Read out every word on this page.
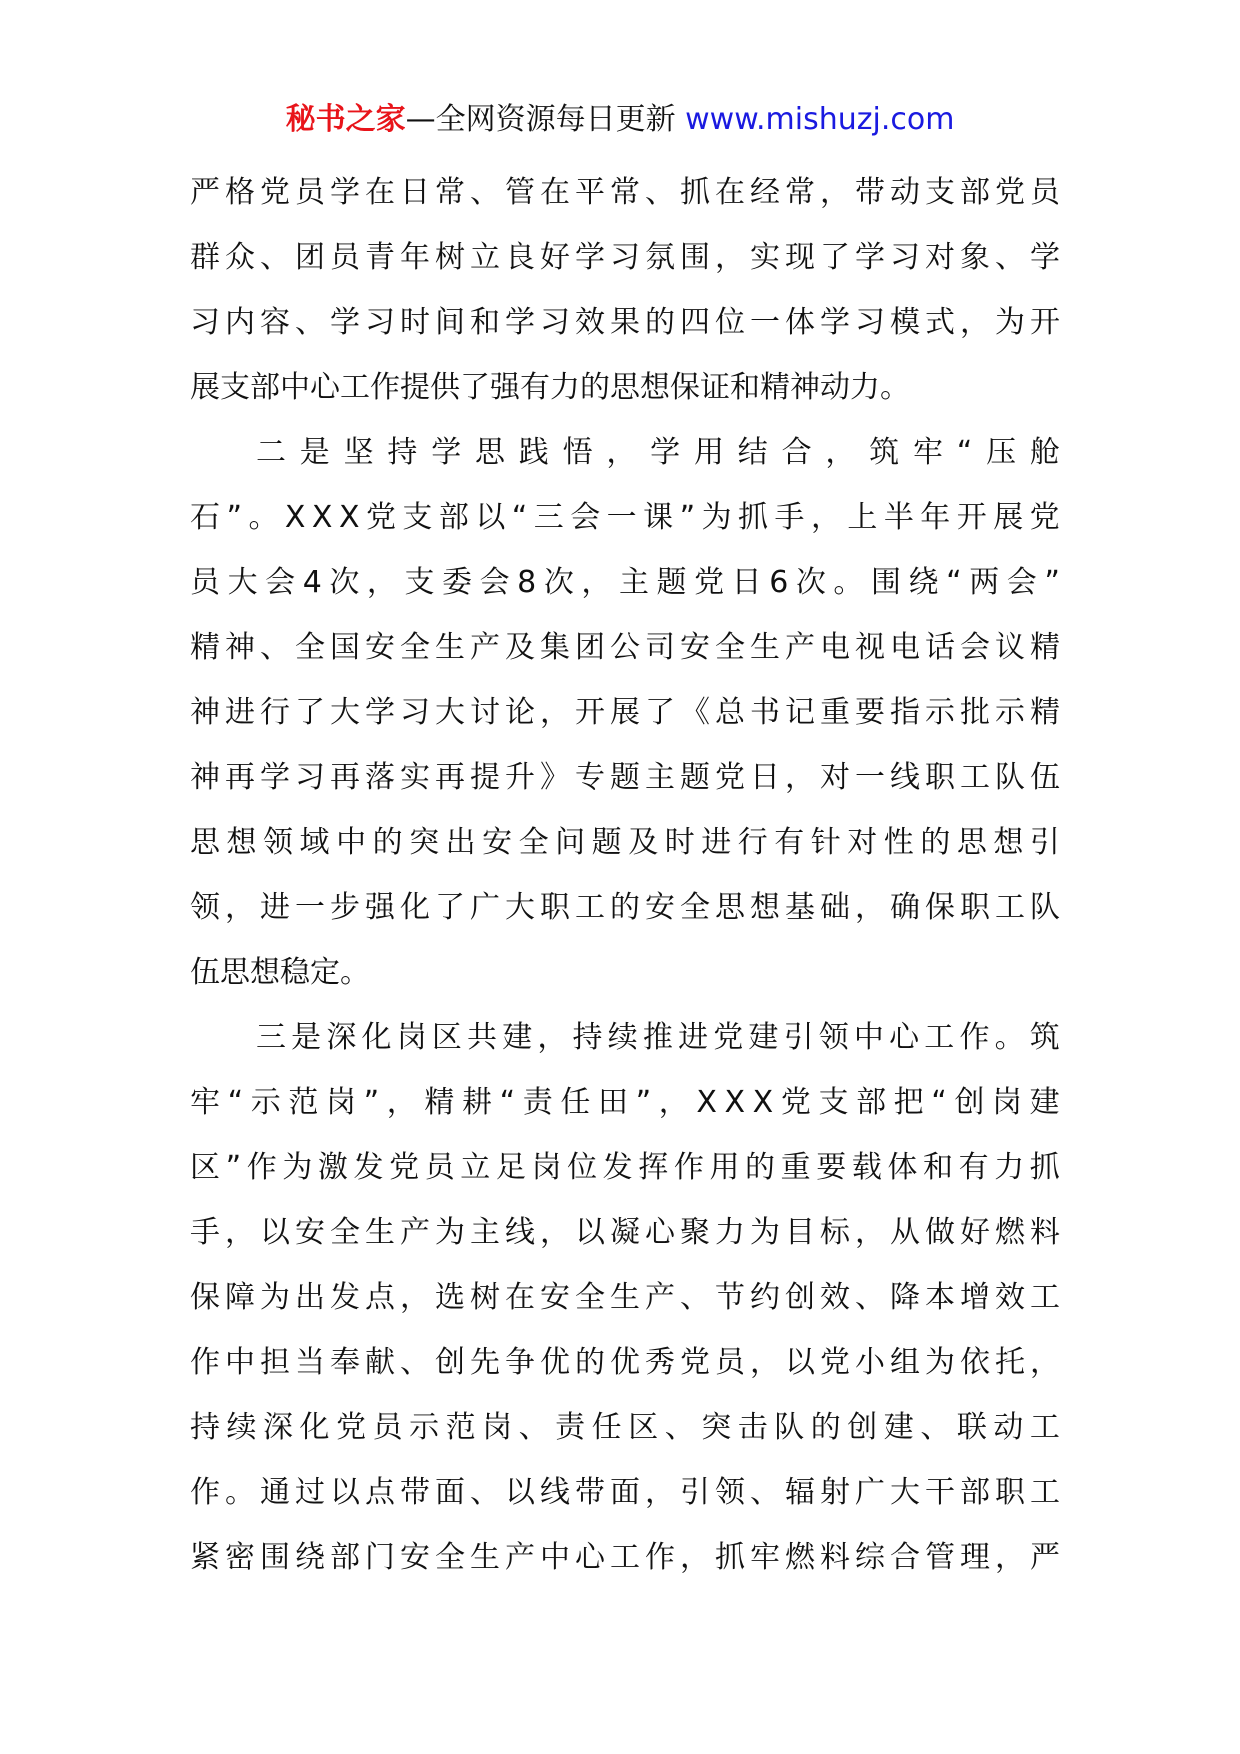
秘书之家—全网资源每日更新 www.mishuzj.com
严 格 党 员 学 在 日 常 、 管 在 平 常 、 抓 在 经 常 ， 带 动 支 部 党 员
群 众 、 团 员 青 年 树 立 良 好 学 习 氛 围 ， 实 现 了 学 习 对 象 、 学
习 内 容 、 学 习 时 间 和 学 习 效 果 的 四 位 一 体 学 习 模 式 ， 为 开
展 支 部 中 心 工 作 提 供 了 强 有 力 的 思 想 保 证 和 精 神 动 力 。
二 是 坚 持 学 思 践 悟 ， 学 用 结 合 ， 筑 牢 “ 压 舱
石 ” 。 X X X 党 支 部 以 “ 三 会 一 课 ” 为 抓 手 ， 上 半 年 开 展 党
员 大 会 4 次 ， 支 委 会 8 次 ， 主 题 党 日 6 次 。 围 绕 “ 两 会 ”
精 神 、 全 国 安 全 生 产 及 集 团 公 司 安 全 生 产 电 视 电 话 会 议 精
神 进 行 了 大 学 习 大 讨 论 ， 开 展 了 《 总 书 记 重 要 指 示 批 示 精
神 再 学 习 再 落 实 再 提 升 》 专 题 主 题 党 日 ， 对 一 线 职 工 队 伍
思 想 领 域 中 的 突 出 安 全 问 题 及 时 进 行 有 针 对 性 的 思 想 引
领 ， 进 一 步 强 化 了 广 大 职 工 的 安 全 思 想 基 础 ， 确 保 职 工 队
伍 思 想 稳 定 。
三 是 深 化 岗 区 共 建 ， 持 续 推 进 党 建 引 领 中 心 工 作 。 筑
牢 “ 示 范 岗 ” ， 精 耕 “ 责 任 田 ” ， X X X 党 支 部 把 “ 创 岗 建
区 ” 作 为 激 发 党 员 立 足 岗 位 发 挥 作 用 的 重 要 载 体 和 有 力 抓
手 ， 以 安 全 生 产 为 主 线 ， 以 凝 心 聚 力 为 目 标 ， 从 做 好 燃 料
保 障 为 出 发 点 ， 选 树 在 安 全 生 产 、 节 约 创 效 、 降 本 增 效 工
作 中 担 当 奉 献 、 创 先 争 优 的 优 秀 党 员 ， 以 党 小 组 为 依 托 ，
持 续 深 化 党 员 示 范 岗 、 责 任 区 、 突 击 队 的 创 建 、 联 动 工
作 。 通 过 以 点 带 面 、 以 线 带 面 ， 引 领 、 辐 射 广 大 干 部 职 工
紧 密 围 绕 部 门 安 全 生 产 中 心 工 作 ， 抓 牢 燃 料 综 合 管 理 ， 严
